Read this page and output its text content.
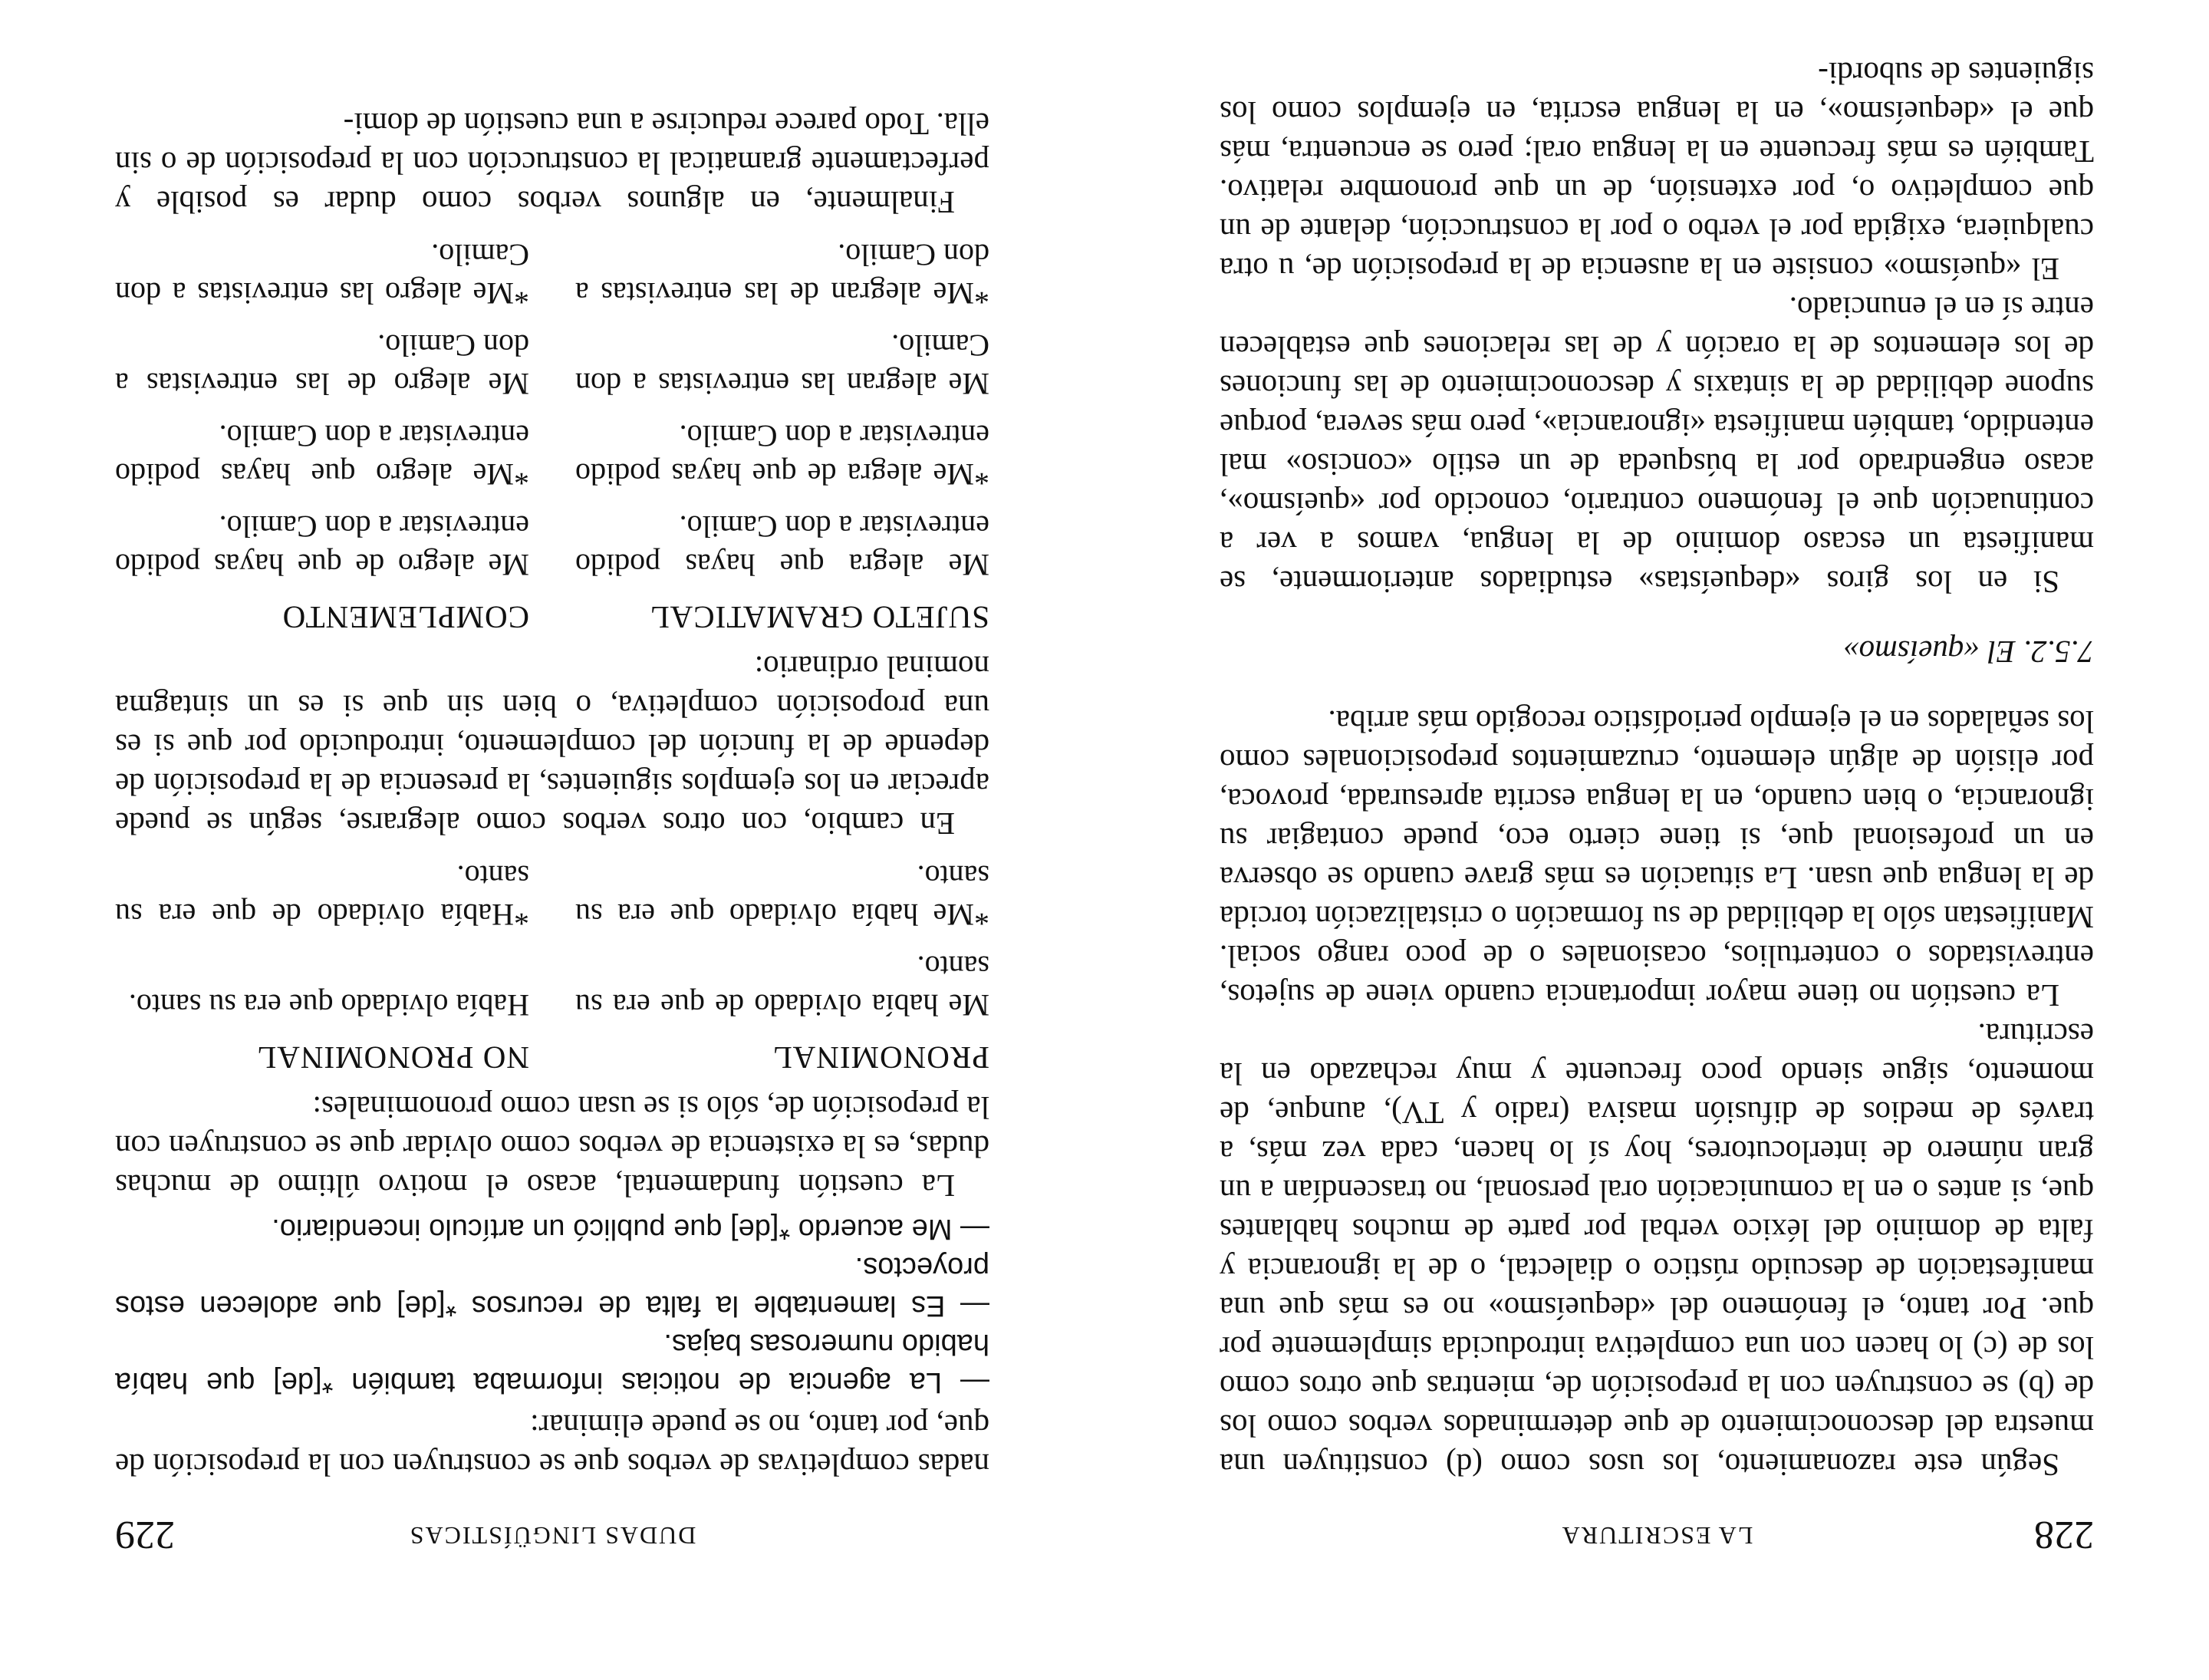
228
LA ESCRITURA

Según este razonamiento, los usos como (d) constituyen una muestra del desconocimiento de que determinados verbos como los de (b) se construyen con la preposición de, mientras que otros como los de (c) lo hacen con una completiva introducida simplemente por que. Por tanto, el fenómeno del «dequeísmo» no es más que una manifestación de descuido rústico o dialectal, o de la ignorancia y falta de dominio del léxico verbal por parte de muchos hablantes que, si antes o en la comunicación oral personal, no trascendían a un gran número de interlocutores, hoy sí lo hacen, cada vez más, a través de medios de difusión masiva (radio y TV), aunque, de momento, sigue siendo poco frecuente y muy rechazado en la escritura.

La cuestión no tiene mayor importancia cuando viene de sujetos, entrevistados o contertulios, ocasionales o de poco rango social. Manifiestan sólo la debilidad de su formación o cristalización torcida de la lengua que usan. La situación es más grave cuando se observa en un profesional que, si tiene cierto eco, puede contagiar su ignorancia, o bien cuando, en la lengua escrita apresurada, provoca, por elisión de algún elemento, cruzamientos preposicionales como los señalados en el ejemplo periodístico recogido más arriba.

7.5.2. El «queísmo»

Si en los giros «dequeístas» estudiados anteriormente, se manifiesta un escaso dominio de la lengua, vamos a ver a continuación que el fenómeno contrario, conocido por «queísmo», acaso engendrado por la búsqueda de un estilo «conciso» mal entendido, también manifiesta «ignorancia», pero más severa, porque supone debilidad de la sintaxis y desconocimiento de las funciones de los elementos de la oración y de las relaciones que establecen entre sí en el enunciado.

El «queísmo» consiste en la ausencia de la preposición de, u otra cualquiera, exigida por el verbo o por la construcción, delante de un que completivo o, por extensión, de un que pronombre relativo. También es más frecuente en la lengua oral; pero se encuentra, más que el «dequeísmo», en la lengua escrita, en ejemplos como los siguientes de subordi-

DUDAS LINGÜÍSTICAS
229

nadas completivas de verbos que se construyen con la preposición de que, por tanto, no se puede eliminar:

— La agencia de noticias informaba también *[de] que había habido numerosas bajas.
— Es lamentable la falta de recursos *[de] que adolecen estos proyectos.
— Me acuerdo *[de] que publicó un artículo incendiario.

La cuestión fundamental, acaso el motivo último de muchas dudas, es la existencia de verbos como olvidar que se construyen con la preposición de, sólo si se usan como pronominales:

PRONOMINAL
NO PRONOMINAL
Me había olvidado de que era su santo.
Había olvidado que era su santo.
*Me había olvidado que era su santo.
*Había olvidado de que era su santo.

En cambio, con otros verbos como alegrarse, según se puede apreciar en los ejemplos siguientes, la presencia de la preposición de depende de la función del complemento, introducido por que si es una proposición completiva, o bien sin que si es un sintagma nominal ordinario:

SUJETO GRAMATICAL
COMPLEMENTO
Me alegra que hayas podido entrevistar a don Camilo.
Me alegro de que hayas podido entrevistar a don Camilo.
*Me alegra de que hayas podido entrevistar a don Camilo.
*Me alegro que hayas podido entrevistar a don Camilo.
Me alegran las entrevistas a don Camilo.
Me alegro de las entrevistas a don Camilo.
*Me alegran de las entrevistas a don Camilo.
*Me alegro las entrevistas a don Camilo.

Finalmente, en algunos verbos como dudar es posible y perfectamente gramatical la construcción con la preposición de o sin ella. Todo parece reducirse a una cuestión de domi-
